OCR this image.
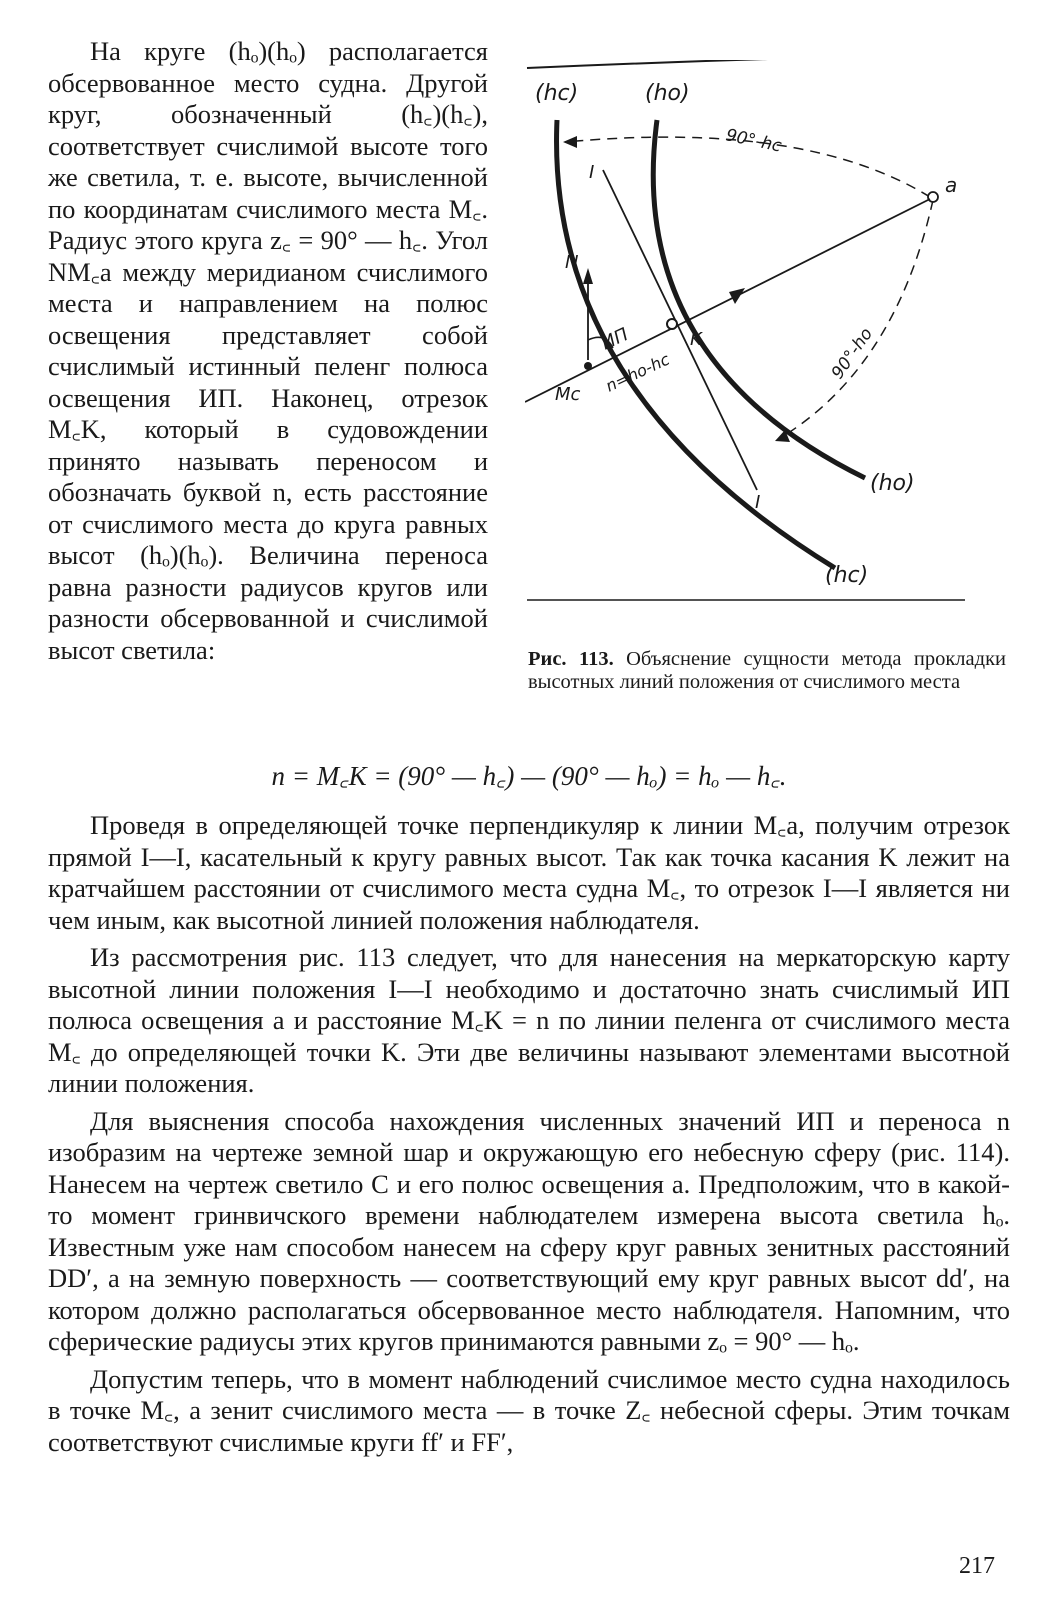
На круге (hₒ)(hₒ) располагается обсервованное место судна. Другой круг, обозначенный (h꜀)(h꜀), соответствует счислимой высоте того же светила, т. е. высоте, вычисленной по координатам счислимого места M꜀. Радиус этого круга z꜀ = 90° — h꜀. Угол NM꜀a между меридианом счислимого места и направлением на полюс освещения представляет собой счислимый истинный пеленг полюса освещения ИП. Наконец, отрезок M꜀K, который в судовождении принято называть переносом и обозначать буквой n, есть расстояние от счислимого места до круга равных высот (hₒ)(hₒ). Величина переноса равна разности радиусов кругов или разности обсервованной и счислимой высот светила:

(hc)	(ho)
90°-hc
a
I
N
ИП	K
n=ho-hc
Mc
90°-ho
I
(ho)
(hc)
Рис. 113. Объяснение сущности метода прокладки высотных линий положения от счислимого места
n = M꜀K = (90° — h꜀) — (90° — hₒ) = hₒ — h꜀.

Проведя в определяющей точке перпендикуляр к линии M꜀a, получим отрезок прямой I—I, касательный к кругу равных высот. Так как точка касания K лежит на кратчайшем расстоянии от счислимого места судна M꜀, то отрезок I—I является ни чем иным, как высотной линией положения наблюдателя.

Из рассмотрения рис. 113 следует, что для нанесения на меркаторскую карту высотной линии положения I—I необходимо и достаточно знать счислимый ИП полюса освещения a и расстояние M꜀K = n по линии пеленга от счислимого места M꜀ до определяющей точки K. Эти две величины называют элементами высотной линии положения.

Для выяснения способа нахождения численных значений ИП и переноса n изобразим на чертеже земной шар и окружающую его небесную сферу (рис. 114). Нанесем на чертеж светило C и его полюс освещения a. Предположим, что в какой-то момент гринвичского времени наблюдателем измерена высота светила hₒ. Известным уже нам способом нанесем на сферу круг равных зенитных расстояний DD′, а на земную поверхность — соответствующий ему круг равных высот dd′, на котором должно располагаться обсервованное место наблюдателя. Напомним, что сферические радиусы этих кругов принимаются равными zₒ = 90° — hₒ.

Допустим теперь, что в момент наблюдений счислимое место судна находилось в точке M꜀, а зенит счислимого места — в точке Z꜀ небесной сферы. Этим точкам соответствуют счислимые круги ff′ и FF′,

217
